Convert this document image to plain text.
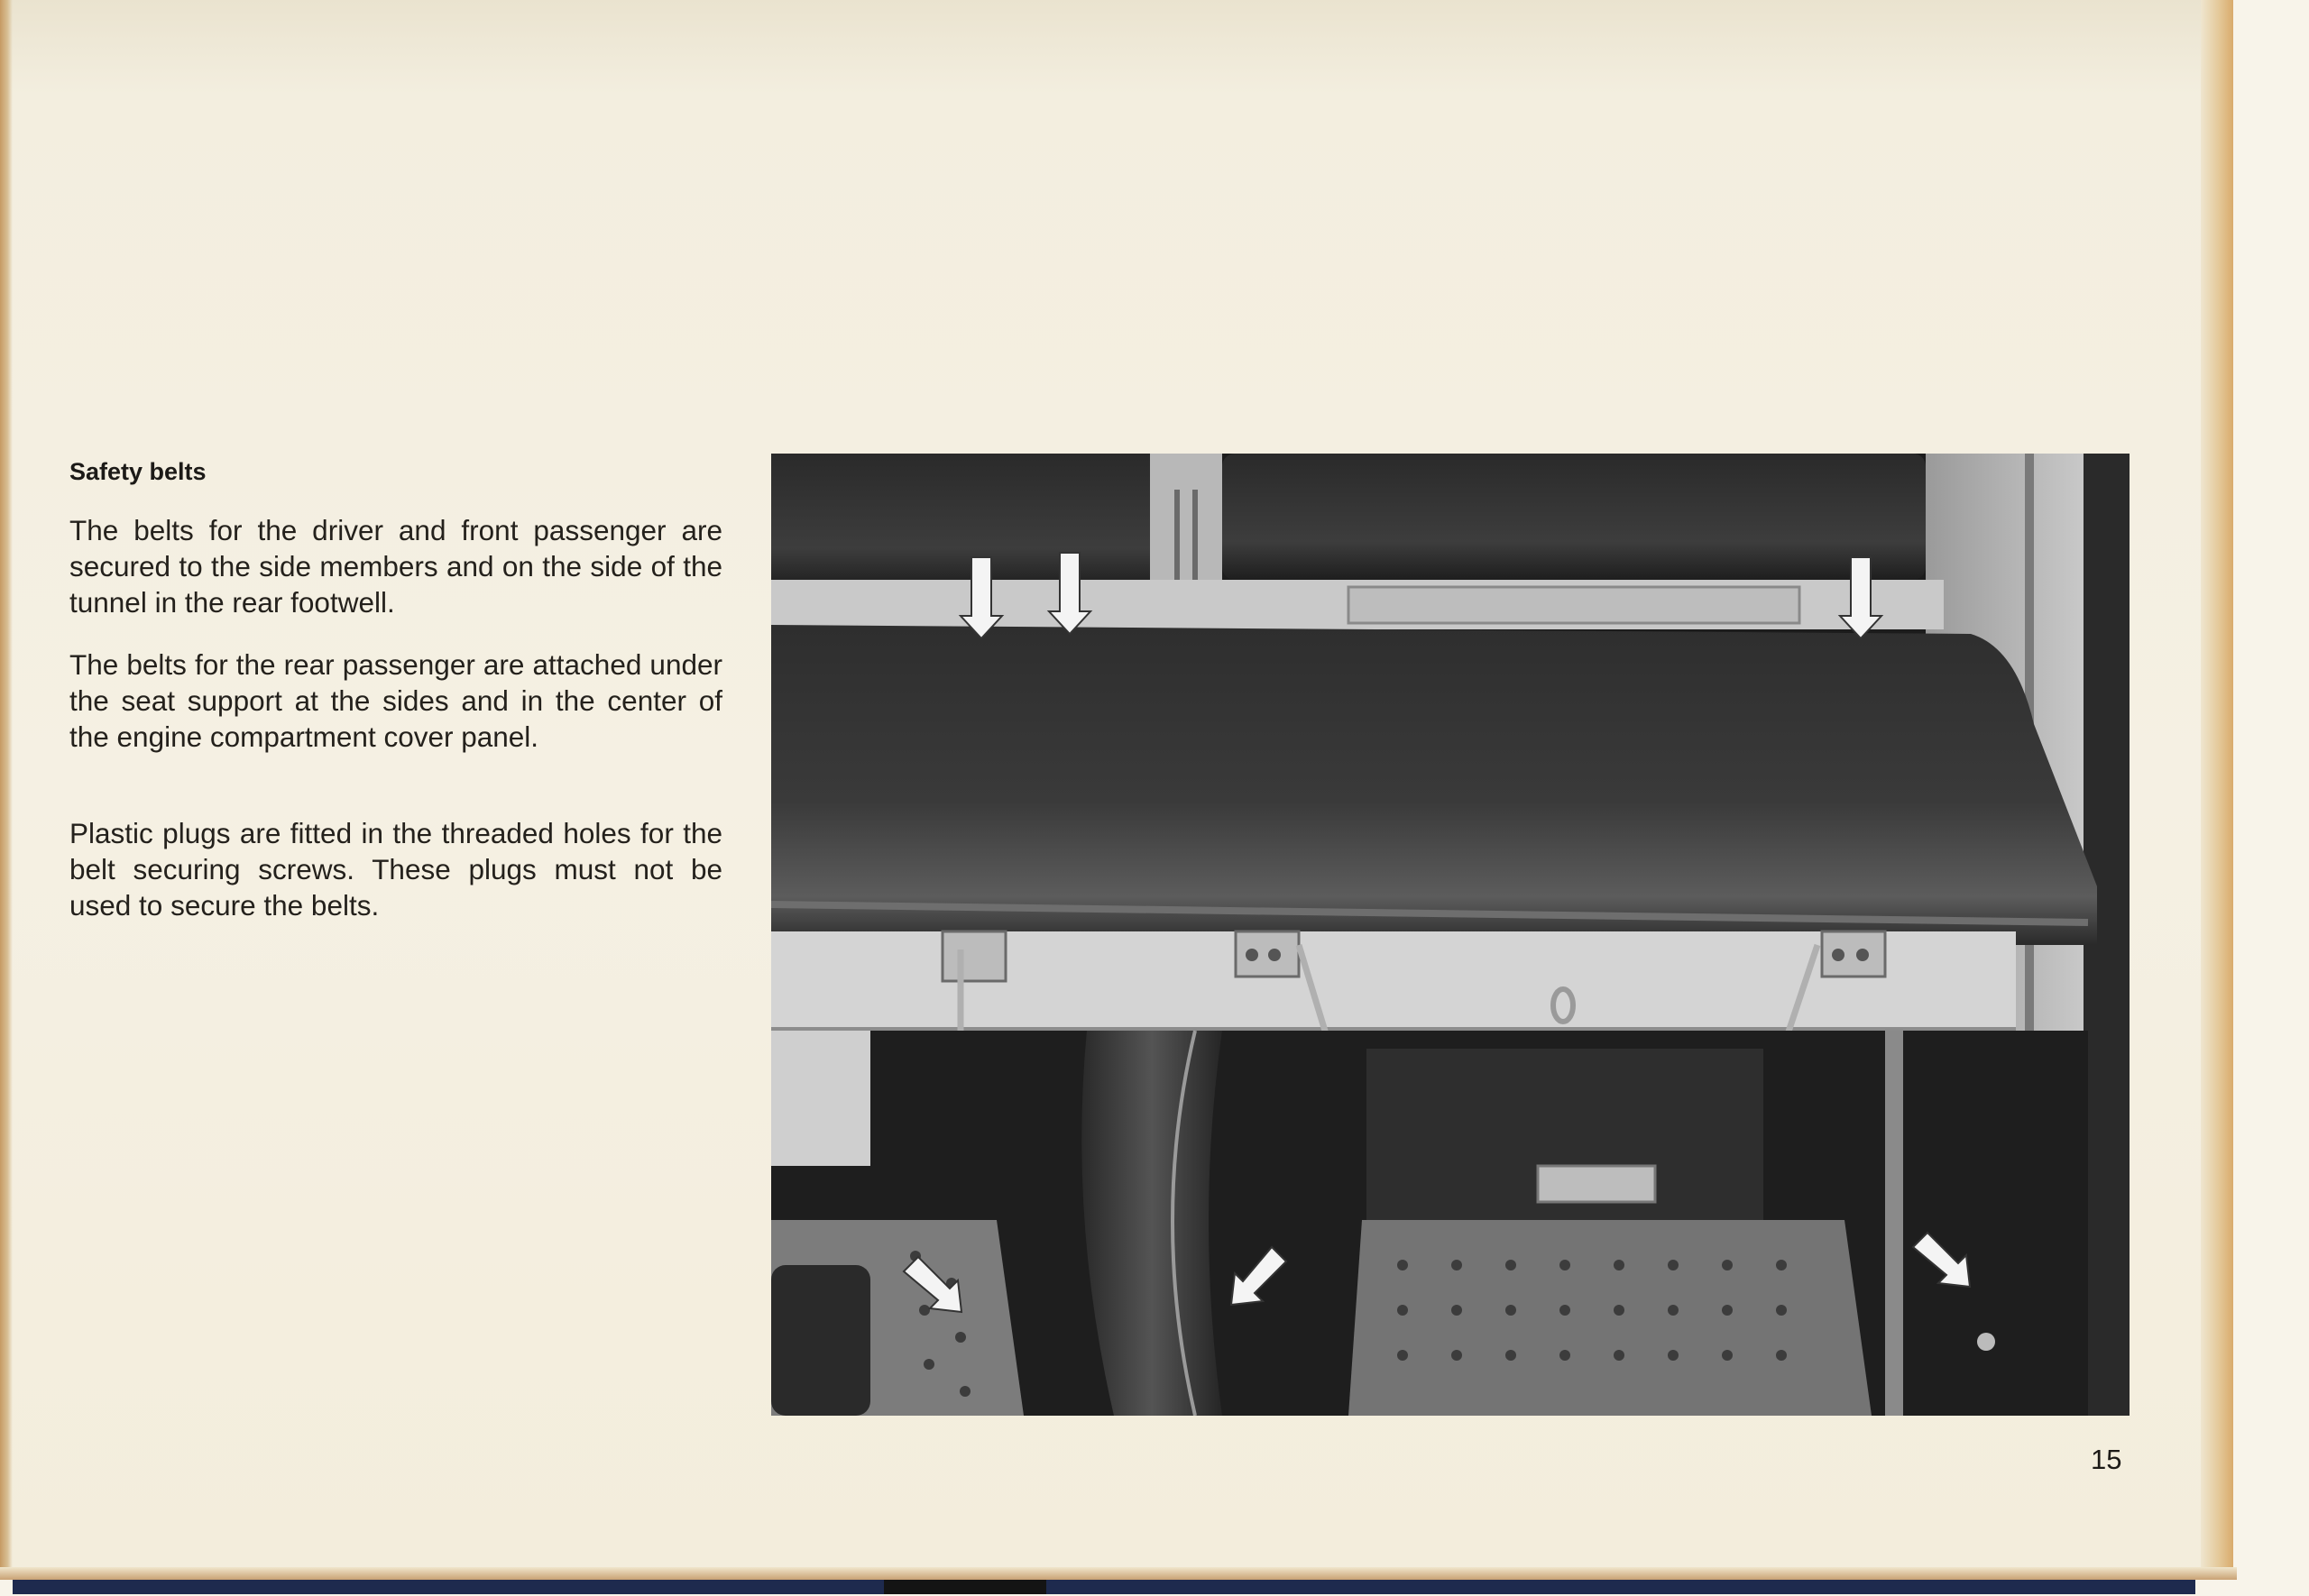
Safety belts

The belts for the driver and front passenger are secured to the side members and on the side of the tunnel in the rear footwell.

The belts for the rear passenger are attached under the seat support at the sides and in the center of the engine compartment cover panel.

Plastic plugs are fitted in the threaded holes for the belt securing screws. These plugs must not be used to secure the belts.

15
